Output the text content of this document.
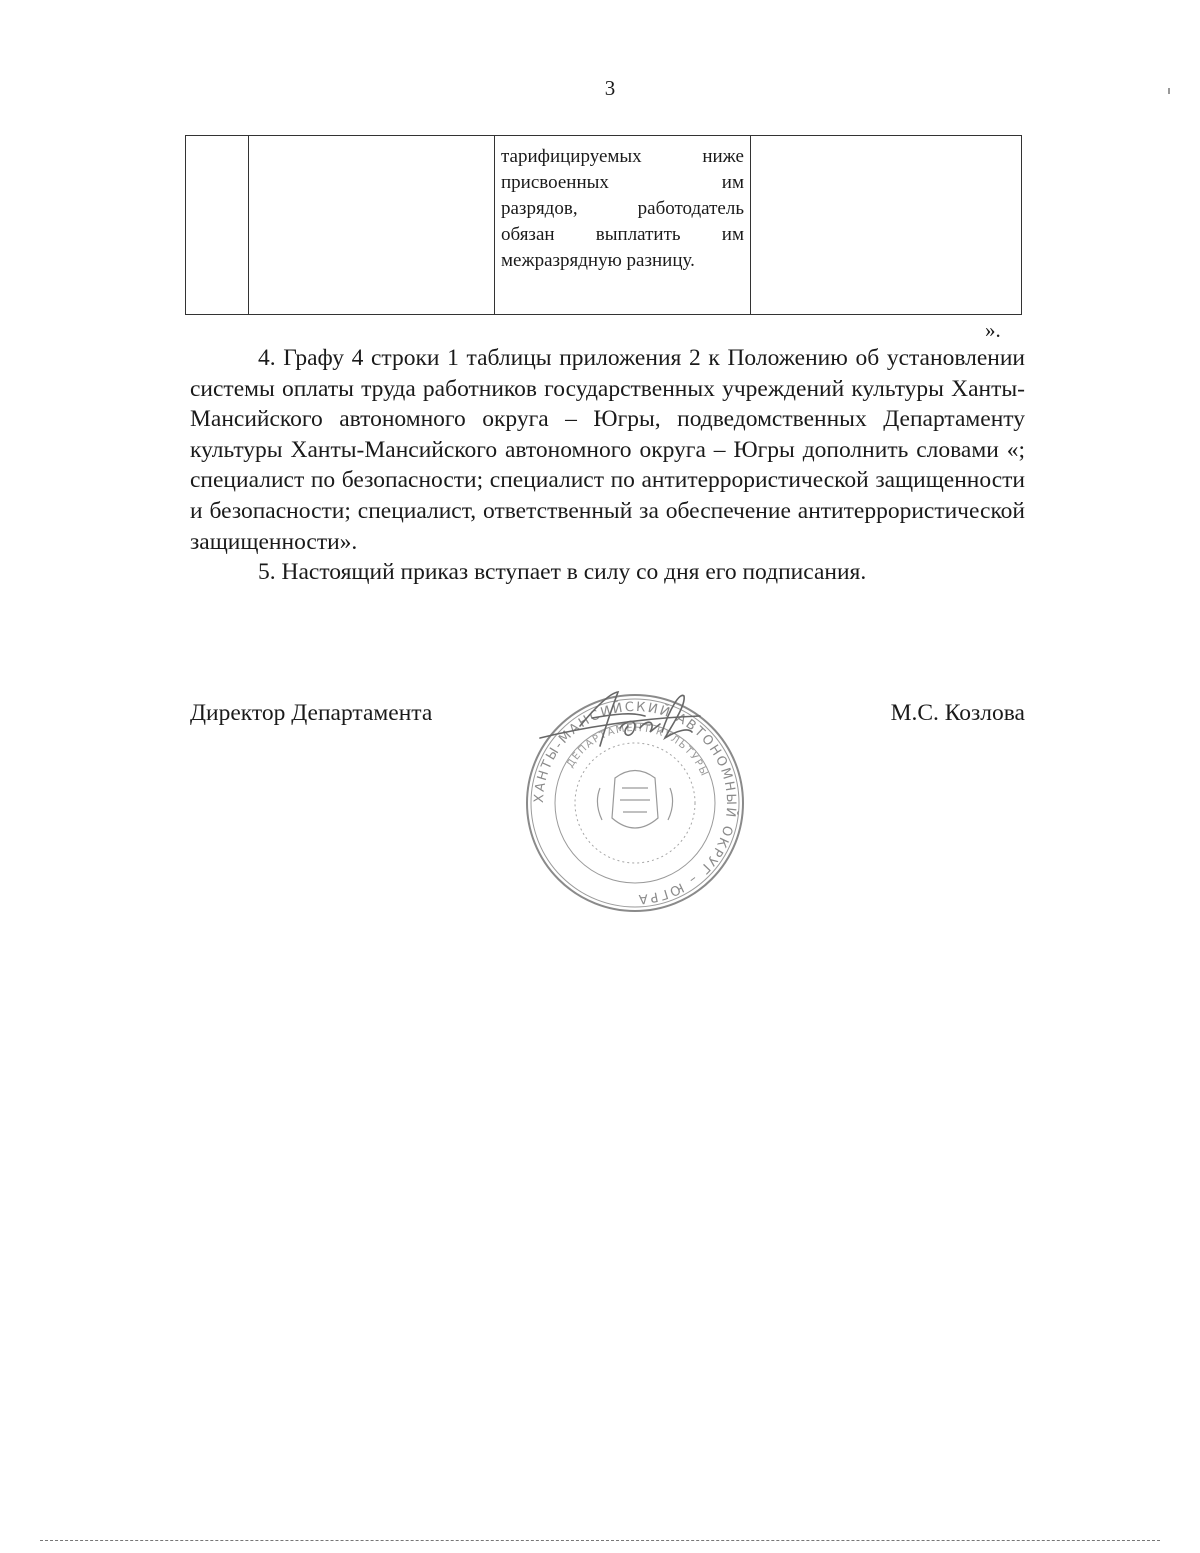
3

тарифицируемых ниже
присвоенных им
разрядов, работодатель
обязан выплатить им
межразрядную разницу.

».

4. Графу 4 строки 1 таблицы приложения 2 к Положению об установлении системы оплаты труда работников государственных учреждений культуры Ханты-Мансийского автономного округа – Югры, подведомственных Департаменту культуры Ханты-Мансийского автономного округа – Югры дополнить словами «; специалист по безопасности; специалист по антитеррористической защищенности и безопасности; специалист, ответственный за обеспечение антитеррористической защищенности».

5. Настоящий приказ вступает в силу со дня его подписания.

Директор Департамента	М.С. Козлова
ХАНТЫ-МАНСИЙСКИЙ АВТОНОМНЫЙ ОКРУГ – ЮГРА
ДЕПАРТАМЕНТ КУЛЬТУРЫ
